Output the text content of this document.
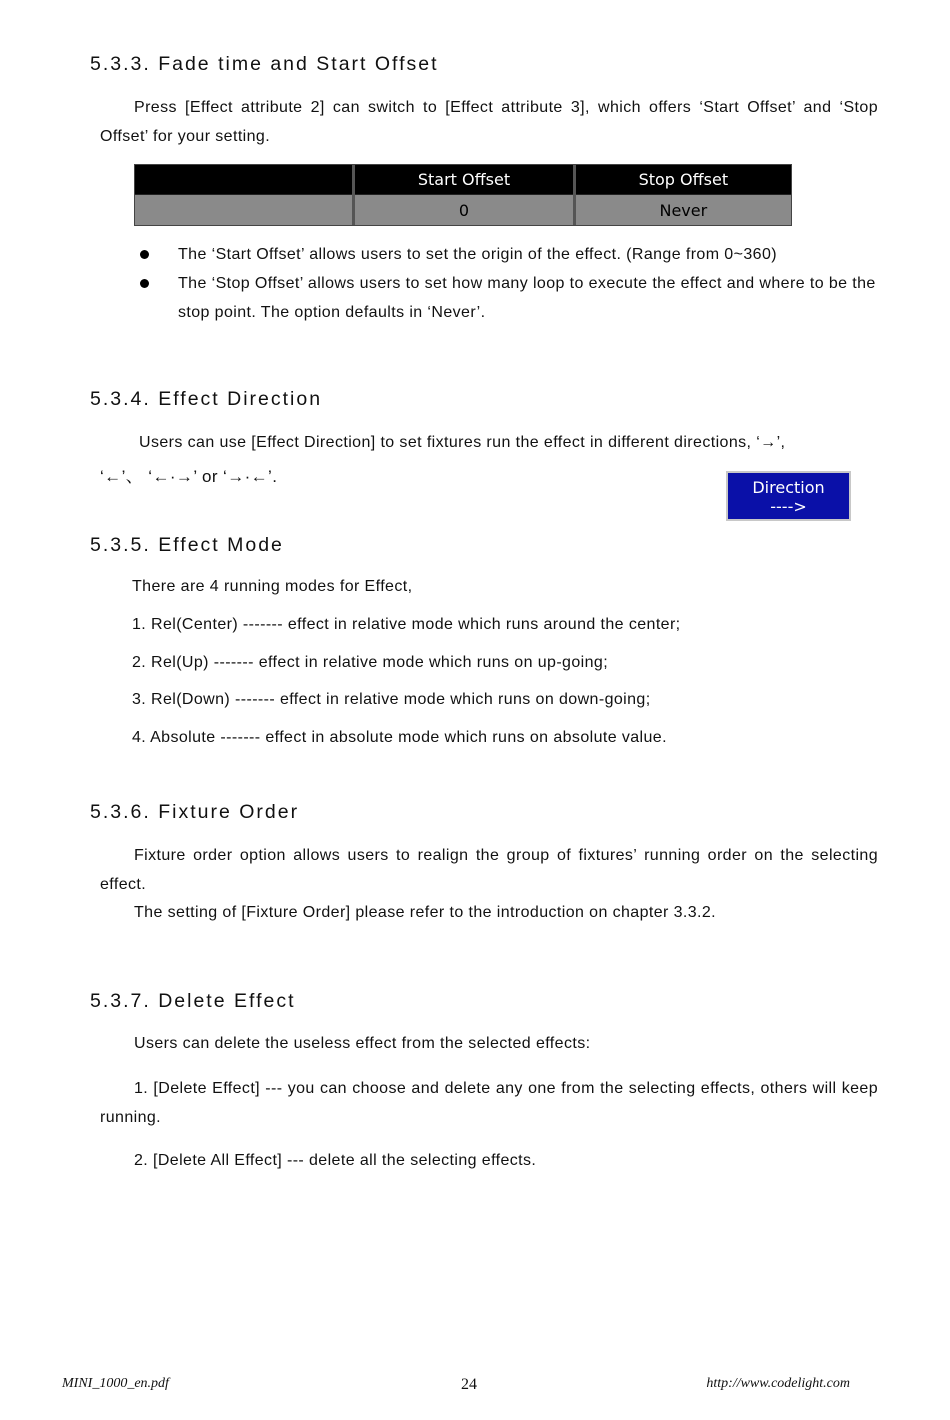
5.3.3. Fade time and Start Offset
Press [Effect attribute 2] can switch to [Effect attribute 3], which offers ‘Start Offset’ and ‘Stop Offset’ for your setting.
Start Offset
0
Stop Offset
Never
The ‘Start Offset’ allows users to set the origin of the effect. (Range from 0~360)
The ‘Stop Offset’ allows users to set how many loop to execute the effect and where to be the stop point. The option defaults in ‘Never’.
5.3.4. Effect Direction
Users can use [Effect Direction] to set fixtures run the effect in different directions, ‘→’,
‘←’、 ‘←·→’ or ‘→·←’.
Direction
---->
5.3.5. Effect Mode
There are 4 running modes for Effect,
1. Rel(Center) ------- effect in relative mode which runs around the center;
2. Rel(Up) ------- effect in relative mode which runs on up-going;
3. Rel(Down) ------- effect in relative mode which runs on down-going;
4. Absolute ------- effect in absolute mode which runs on absolute value.
5.3.6. Fixture Order
Fixture order option allows users to realign the group of fixtures’ running order on the selecting effect.
The setting of [Fixture Order] please refer to the introduction on chapter 3.3.2.
5.3.7. Delete Effect
Users can delete the useless effect from the selected effects:
1. [Delete Effect] --- you can choose and delete any one from the selecting effects, others will keep running.
2. [Delete All Effect] --- delete all the selecting effects.
MINI_1000_en.pdf	24	http://www.codelight.com
